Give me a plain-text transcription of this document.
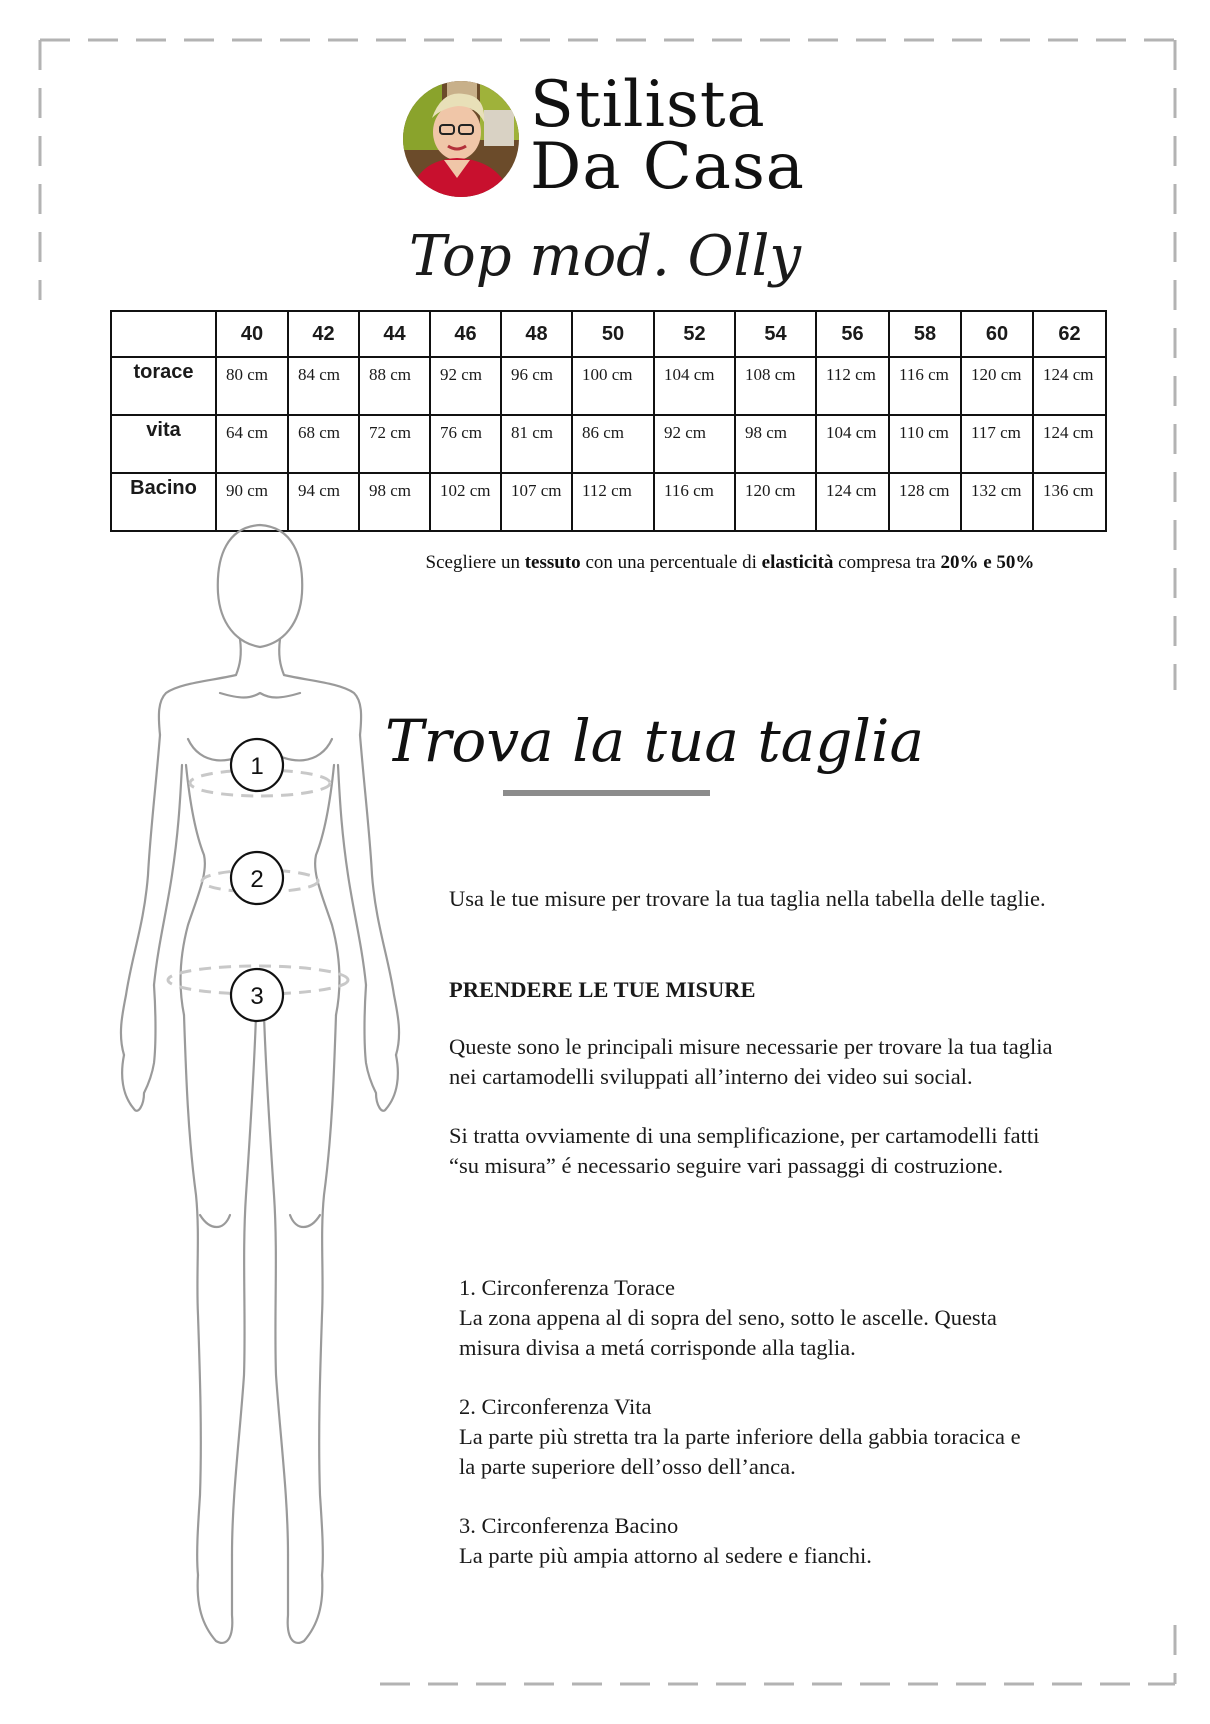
Stilista
Da Casa
Top mod. Olly
	40	42	44	46	48	50	52	54	56	58	60	62
torace	80 cm	84 cm	88 cm	92 cm	96 cm	100 cm	104 cm	108 cm	112 cm	116 cm	120 cm	124 cm
vita	64 cm	68 cm	72 cm	76 cm	81 cm	86 cm	92 cm	98 cm	104 cm	110 cm	117 cm	124 cm
Bacino	90 cm	94 cm	98 cm	102 cm	107 cm	112 cm	116 cm	120 cm	124 cm	128 cm	132 cm	136 cm
Scegliere un tessuto con una percentuale di elasticità compresa tra 20% e 50%
1
2
3
Trova la tua taglia
Usa le tue misure per trovare la tua taglia nella tabella delle taglie.
PRENDERE LE TUE MISURE
Queste sono le principali misure necessarie per trovare la tua taglia
nei cartamodelli sviluppati all’interno dei video sui social.
Si tratta ovviamente di una semplificazione, per cartamodelli fatti
“su misura” é necessario seguire vari passaggi di costruzione.
1. Circonferenza Torace
La zona appena al di sopra del seno, sotto le ascelle. Questa
misura divisa a metá corrisponde alla taglia.
2. Circonferenza Vita
La parte più stretta tra la parte inferiore della gabbia toracica e
la parte superiore dell’osso dell’anca.
3. Circonferenza Bacino
La parte più ampia attorno al sedere e fianchi.
